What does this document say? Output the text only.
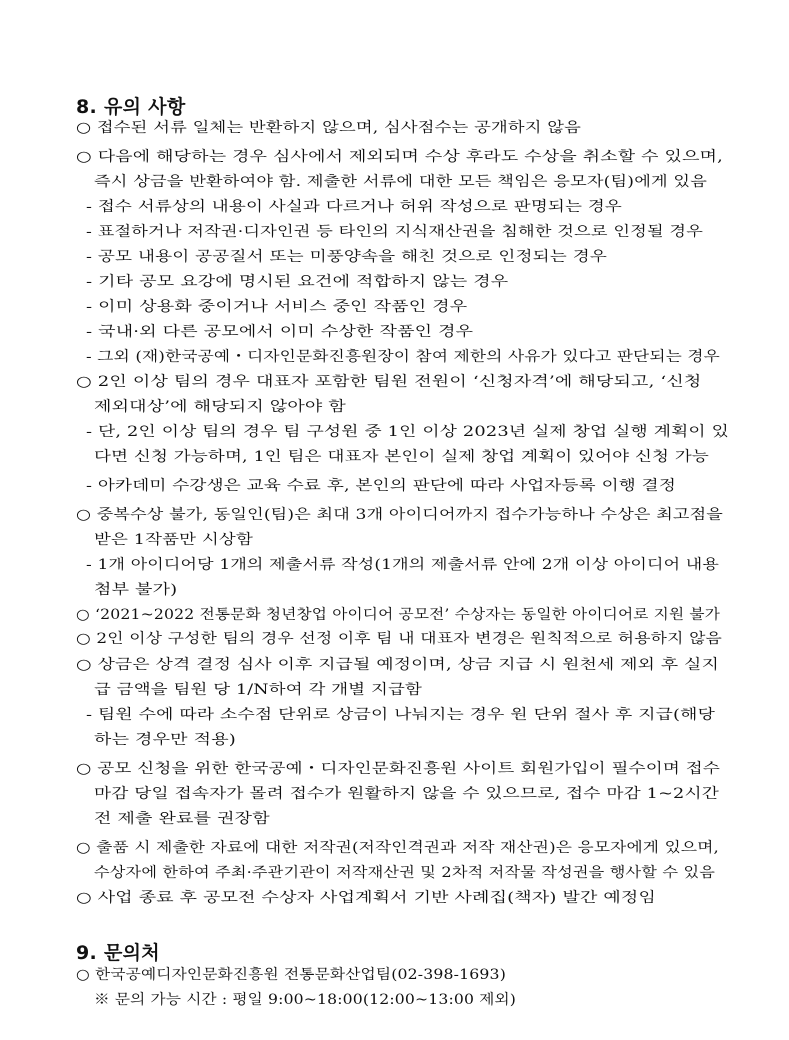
8. 유의 사항
○ 접수된 서류 일체는 반환하지 않으며, 심사점수는 공개하지 않음
○ 다음에 해당하는 경우 심사에서 제외되며 수상 후라도 수상을 취소할 수 있으며,
즉시 상금을 반환하여야 함. 제출한 서류에 대한 모든 책임은 응모자(팀)에게 있음
- 접수 서류상의 내용이 사실과 다르거나 허위 작성으로 판명되는 경우
- 표절하거나 저작권·디자인권 등 타인의 지식재산권을 침해한 것으로 인정될 경우
- 공모 내용이 공공질서 또는 미풍양속을 해친 것으로 인정되는 경우
- 기타 공모 요강에 명시된 요건에 적합하지 않는 경우
- 이미 상용화 중이거나 서비스 중인 작품인 경우
- 국내·외 다른 공모에서 이미 수상한 작품인 경우
- 그외 (재)한국공예・디자인문화진흥원장이 참여 제한의 사유가 있다고 판단되는 경우
○ 2인 이상 팀의 경우 대표자 포함한 팀원 전원이 ‘신청자격’에 해당되고, ‘신청
제외대상’에 해당되지 않아야 함
- 단, 2인 이상 팀의 경우 팀 구성원 중 1인 이상 2023년 실제 창업 실행 계획이 있
다면 신청 가능하며, 1인 팀은 대표자 본인이 실제 창업 계획이 있어야 신청 가능
- 아카데미 수강생은 교육 수료 후, 본인의 판단에 따라 사업자등록 이행 결정
○ 중복수상 불가, 동일인(팀)은 최대 3개 아이디어까지 접수가능하나 수상은 최고점을
받은 1작품만 시상함
- 1개 아이디어당 1개의 제출서류 작성(1개의 제출서류 안에 2개 이상 아이디어 내용
첨부 불가)
○ ‘2021~2022 전통문화 청년창업 아이디어 공모전’ 수상자는 동일한 아이디어로 지원 불가
○ 2인 이상 구성한 팀의 경우 선정 이후 팀 내 대표자 변경은 원칙적으로 허용하지 않음
○ 상금은 상격 결정 심사 이후 지급될 예정이며, 상금 지급 시 원천세 제외 후 실지
급 금액을 팀원 당 1/N하여 각 개별 지급함
- 팀원 수에 따라 소수점 단위로 상금이 나눠지는 경우 원 단위 절사 후 지급(해당
하는 경우만 적용)
○ 공모 신청을 위한 한국공예・디자인문화진흥원 사이트 회원가입이 필수이며 접수
마감 당일 접속자가 몰려 접수가 원활하지 않을 수 있으므로, 접수 마감 1~2시간
전 제출 완료를 권장함
○ 출품 시 제출한 자료에 대한 저작권(저작인격권과 저작 재산권)은 응모자에게 있으며,
수상자에 한하여 주최·주관기관이 저작재산권 및 2차적 저작물 작성권을 행사할 수 있음
○ 사업 종료 후 공모전 수상자 사업계획서 기반 사례집(책자) 발간 예정임
9. 문의처
○ 한국공예디자인문화진흥원 전통문화산업팀(02-398-1693)
※ 문의 가능 시간 : 평일 9:00~18:00(12:00~13:00 제외)
